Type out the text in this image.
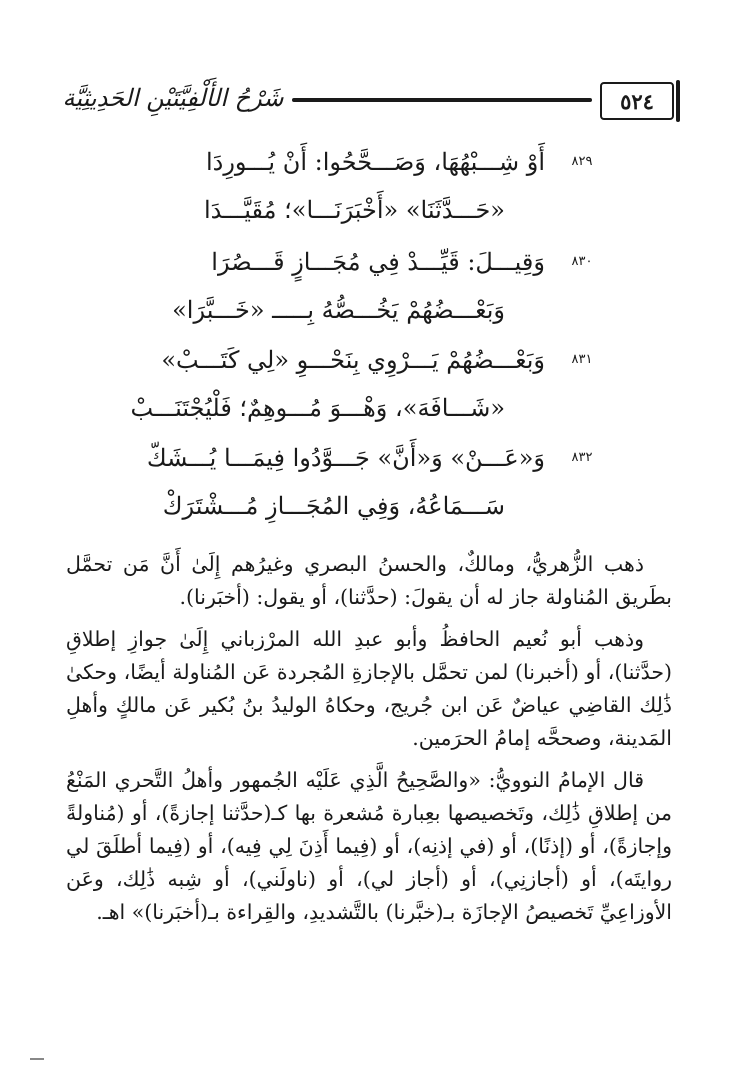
٥٢٤
شَرْحُ الأَلْفِيَّتَيْنِ الحَدِيثِيَّة
٨٢٩
أَوْ شِـــبْهُهَا، وَصَـــحَّحُوا: أَنْ يُـــورِدَا
«حَـــدَّثَنَا» «أَخْبَرَنَـــا»؛ مُقَيَّـــدَا
٨٣٠
وَقِيـــلَ: قَيِّـــدْ فِي مُجَـــازٍ قَـــصُرَا
وَبَعْـــضُهُمْ يَخُـــصُّهُ بِـــــ «خَـــبَّرَا»
٨٣١
وَبَعْـــضُهُمْ يَـــرْوِي بِنَحْـــوِ «لِي كَتَـــبْ»
«شَـــافَهَ»، وَهْـــوَ مُـــوهِمٌ؛ فَلْيُجْتَنَـــبْ
٨٣٢
وَ«عَـــنْ» وَ«أَنَّ» جَـــوَّدُوا فِيمَـــا يُـــشَكّ
سَـــمَاعُهُ، وَفِي المُجَـــازِ مُـــشْتَرَكْ

ذهب الزُّهريُّ، ومالكٌ، والحسنُ البصري وغيرُهم إِلَىٰ أَنَّ مَن تحمَّل بطَريق المُناولة جاز له أن يقولَ: (حدَّثنا)، أو يقول: (أخبَرنا).

وذهب أبو نُعيم الحافظُ وأبو عبدِ الله المرْزباني إِلَىٰ جوازِ إطلاقِ (حدَّثنا)، أو (أخبرنا) لمن تحمَّل بالإجازةِ المُجردة عَن المُناولة أيضًا، وحكىٰ ذَٰلِك القاضِي عياضٌ عَن ابن جُريج، وحكاهُ الوليدُ بنُ بُكير عَن مالكٍ وأهلِ المَدينة، وصححَّه إمامُ الحرَمين.

قال الإمامُ النوويُّ: «والصَّحِيحُ الَّذِي عَلَيْه الجُمهور وأهلُ التَّحري المَنْعُ من إطلاقِ ذَٰلِك، وتَخصيصها بعِبارة مُشعرة بها كـ(حدَّثنا إجازةً)، أو (مُناولةً وإجازةً)، أو (إذنًا)، أو (في إذنِه)، أو (فِيما أَذِنَ لِي فِيه)، أو (فِيما أطلَقَ لي روايتَه)، أو (أجازنِي)، أو (أجاز لي)، أو (ناولَني)، أو شِبه ذَٰلِك، وعَن الأوزاعِيِّ تَخصيصُ الإجازَة بـ(خبَّرنا) بالتَّشديدِ، والقِراءة بـ(أخبَرنا)» اهـ.
